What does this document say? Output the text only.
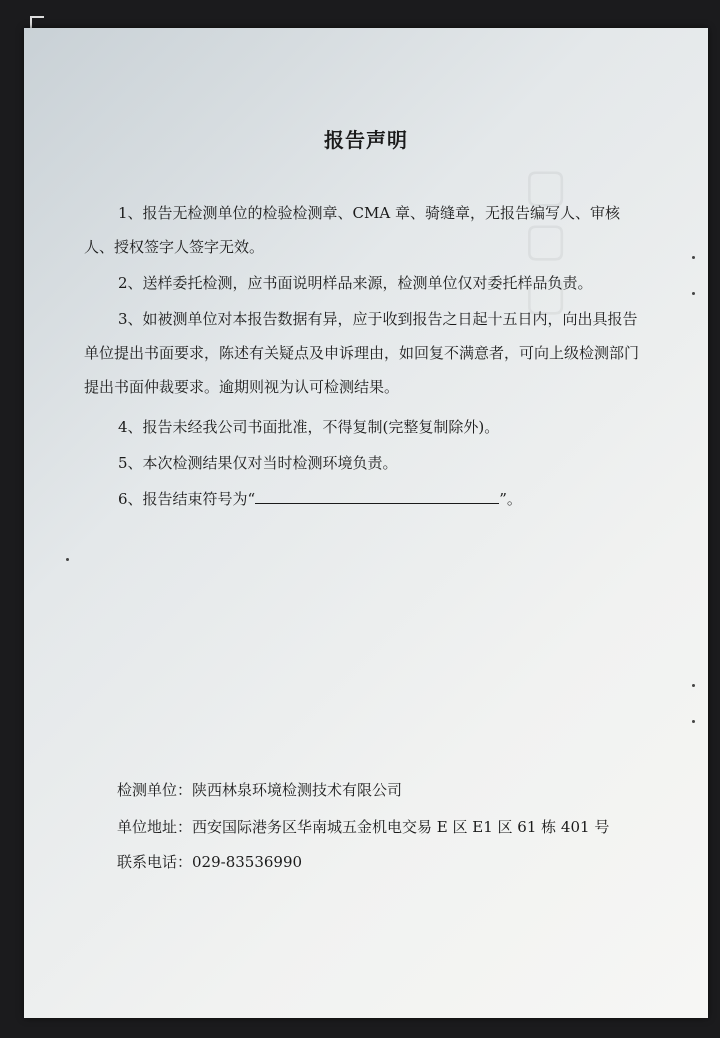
▢ ▢ ▢
报告声明

1、报告无检测单位的检验检测章、CMA 章、骑缝章，无报告编写人、审核人、授权签字人签字无效。

2、送样委托检测，应书面说明样品来源，检测单位仅对委托样品负责。

3、如被测单位对本报告数据有异，应于收到报告之日起十五日内，向出具报告单位提出书面要求，陈述有关疑点及申诉理由，如回复不满意者，可向上级检测部门提出书面仲裁要求。逾期则视为认可检测结果。

4、报告未经我公司书面批准，不得复制(完整复制除外)。

5、本次检测结果仅对当时检测环境负责。

6、报告结束符号为“	”。

检测单位：陕西林泉环境检测技术有限公司
单位地址：西安国际港务区华南城五金机电交易 E 区 E1 区 61 栋 401 号
联系电话：029-83536990
